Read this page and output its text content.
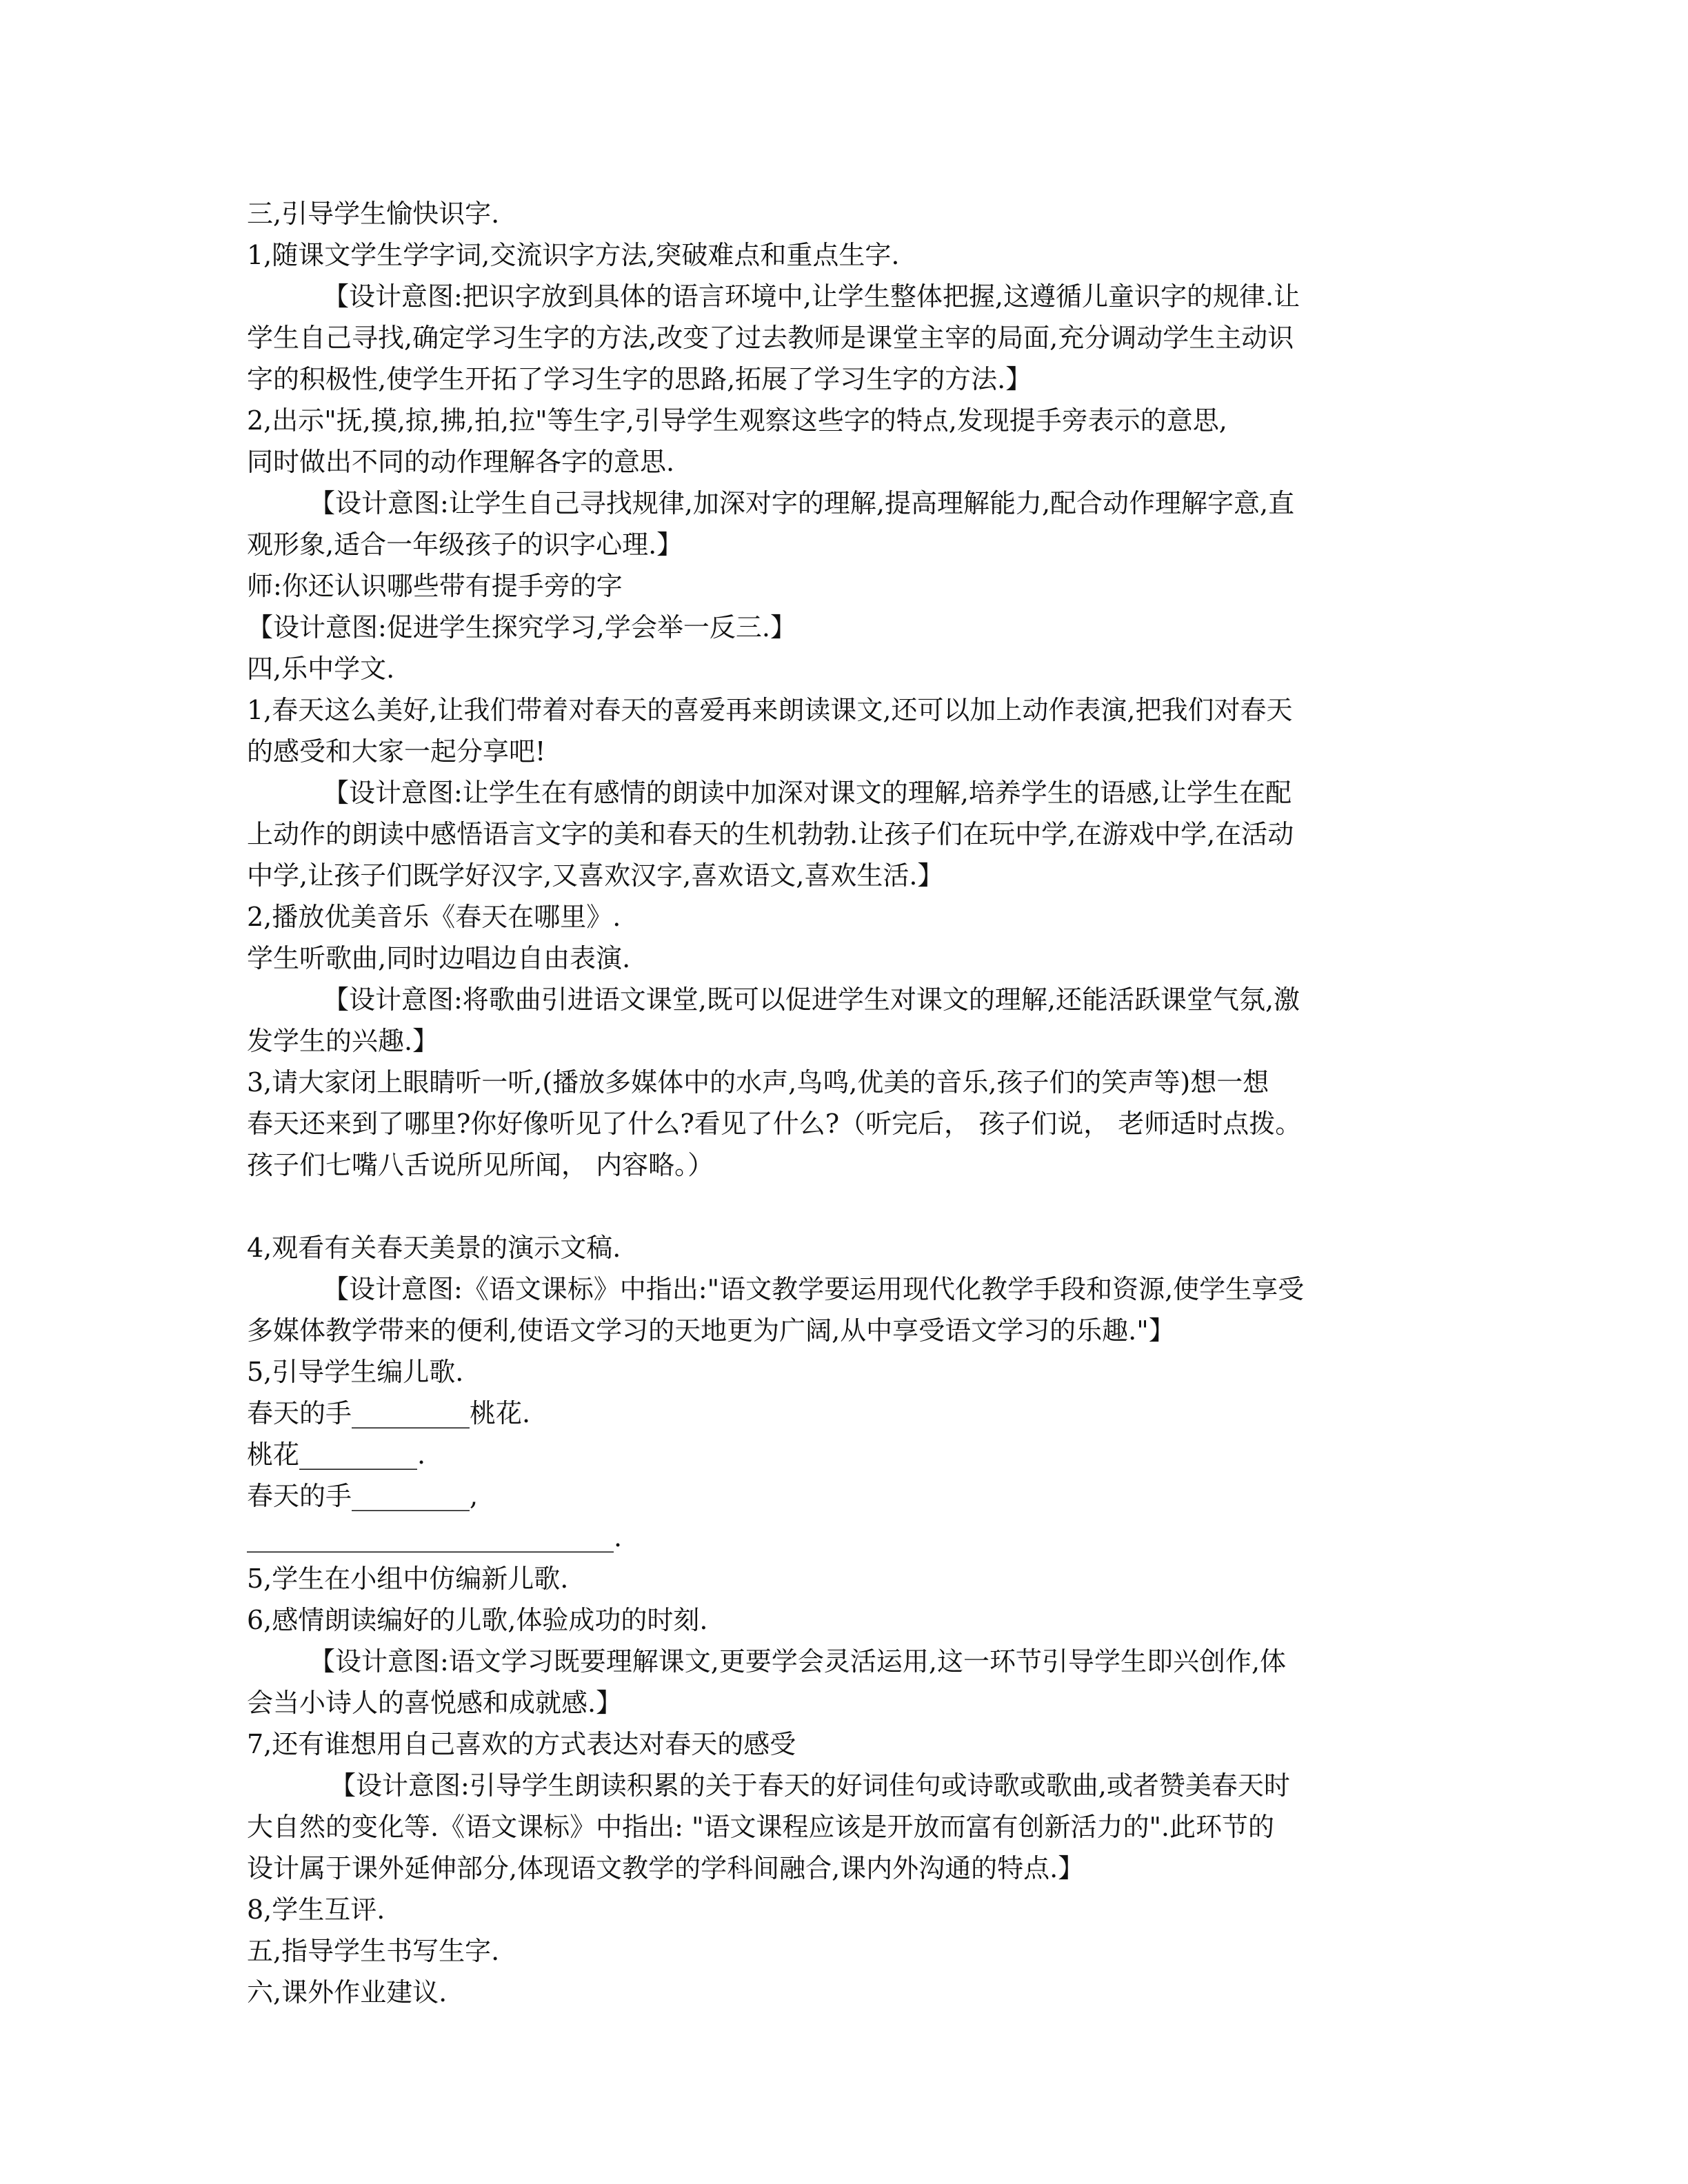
三,引导学生愉快识字.
1,随课文学生学字词,交流识字方法,突破难点和重点生字.
【设计意图:把识字放到具体的语言环境中,让学生整体把握,这遵循儿童识字的规律.让
学生自己寻找,确定学习生字的方法,改变了过去教师是课堂主宰的局面,充分调动学生主动识
字的积极性,使学生开拓了学习生字的思路,拓展了学习生字的方法.】
2,出示"抚,摸,掠,拂,拍,拉"等生字,引导学生观察这些字的特点,发现提手旁表示的意思,
同时做出不同的动作理解各字的意思.
【设计意图:让学生自己寻找规律,加深对字的理解,提高理解能力,配合动作理解字意,直
观形象,适合一年级孩子的识字心理.】
师:你还认识哪些带有提手旁的字
【设计意图:促进学生探究学习,学会举一反三.】
四,乐中学文.
1,春天这么美好,让我们带着对春天的喜爱再来朗读课文,还可以加上动作表演,把我们对春天
的感受和大家一起分享吧!
【设计意图:让学生在有感情的朗读中加深对课文的理解,培养学生的语感,让学生在配
上动作的朗读中感悟语言文字的美和春天的生机勃勃.让孩子们在玩中学,在游戏中学,在活动
中学,让孩子们既学好汉字,又喜欢汉字,喜欢语文,喜欢生活.】
2,播放优美音乐《春天在哪里》.
学生听歌曲,同时边唱边自由表演.
【设计意图:将歌曲引进语文课堂,既可以促进学生对课文的理解,还能活跃课堂气氛,激
发学生的兴趣.】
3,请大家闭上眼睛听一听,(播放多媒体中的水声,鸟鸣,优美的音乐,孩子们的笑声等)想一想
春天还来到了哪里?你好像听见了什么?看见了什么?（听完后， 孩子们说， 老师适时点拨。
孩子们七嘴八舌说所见所闻， 内容略。）
4,观看有关春天美景的演示文稿.
【设计意图:《语文课标》中指出:"语文教学要运用现代化教学手段和资源,使学生享受
多媒体教学带来的便利,使语文学习的天地更为广阔,从中享受语文学习的乐趣."】
5,引导学生编儿歌.
春天的手_________桃花.
桃花_________.
春天的手_________,
____________________________.
5,学生在小组中仿编新儿歌.
6,感情朗读编好的儿歌,体验成功的时刻.
【设计意图:语文学习既要理解课文,更要学会灵活运用,这一环节引导学生即兴创作,体
会当小诗人的喜悦感和成就感.】
7,还有谁想用自己喜欢的方式表达对春天的感受
【设计意图:引导学生朗读积累的关于春天的好词佳句或诗歌或歌曲,或者赞美春天时
大自然的变化等.《语文课标》中指出: "语文课程应该是开放而富有创新活力的".此环节的
设计属于课外延伸部分,体现语文教学的学科间融合,课内外沟通的特点.】
8,学生互评.
五,指导学生书写生字.
六,课外作业建议.
